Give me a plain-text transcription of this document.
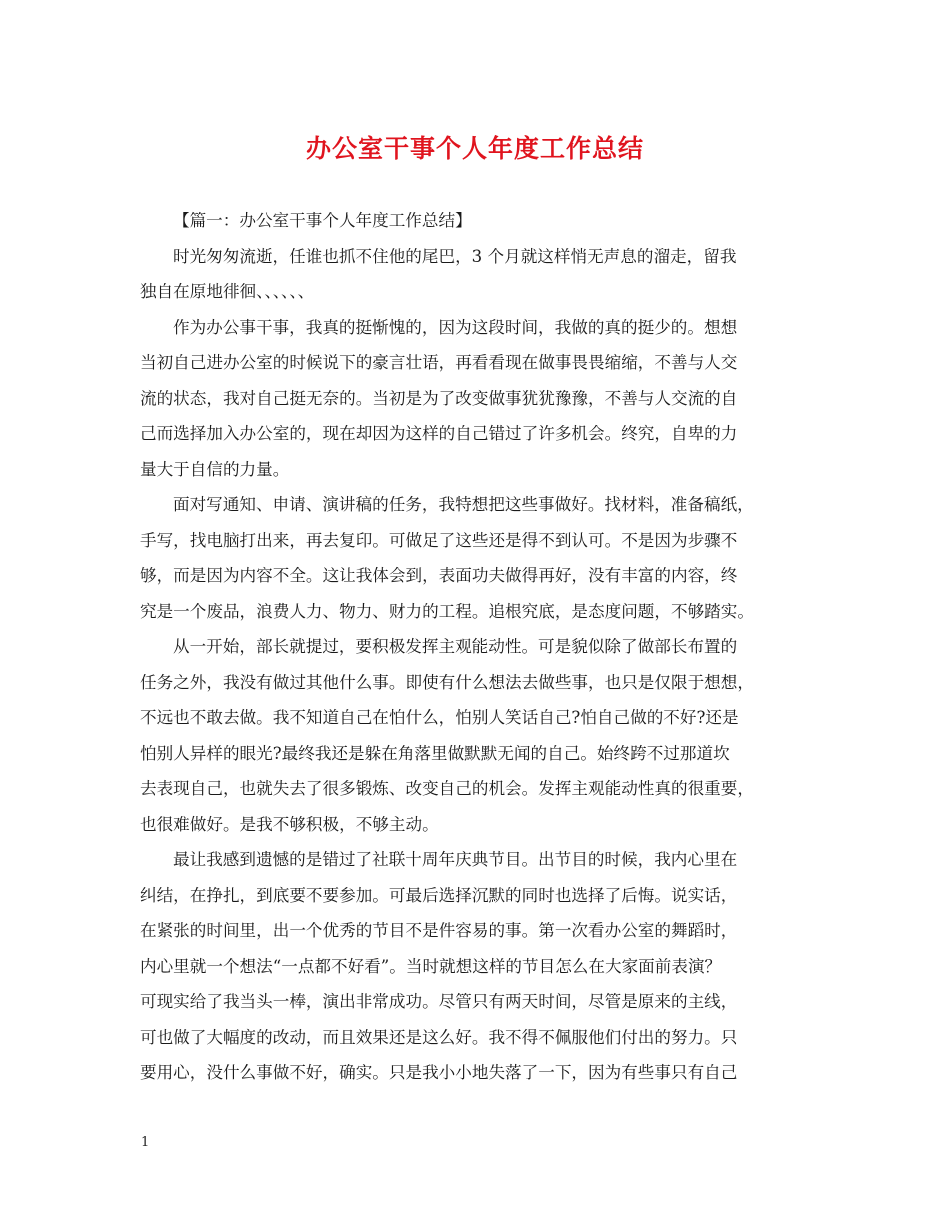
办公室干事个人年度工作总结
【篇一：办公室干事个人年度工作总结】
时光匆匆流逝，任谁也抓不住他的尾巴，3 个月就这样悄无声息的溜走，留我
独自在原地徘徊、、、、、、
作为办公事干事，我真的挺惭愧的，因为这段时间，我做的真的挺少的。想想
当初自己进办公室的时候说下的豪言壮语，再看看现在做事畏畏缩缩，不善与人交
流的状态，我对自己挺无奈的。当初是为了改变做事犹犹豫豫，不善与人交流的自
己而选择加入办公室的，现在却因为这样的自己错过了许多机会。终究，自卑的力
量大于自信的力量。
面对写通知、申请、演讲稿的任务，我特想把这些事做好。找材料，准备稿纸，
手写，找电脑打出来，再去复印。可做足了这些还是得不到认可。不是因为步骤不
够，而是因为内容不全。这让我体会到，表面功夫做得再好，没有丰富的内容，终
究是一个废品，浪费人力、物力、财力的工程。追根究底，是态度问题，不够踏实。
从一开始，部长就提过，要积极发挥主观能动性。可是貌似除了做部长布置的
任务之外，我没有做过其他什么事。即使有什么想法去做些事，也只是仅限于想想，
不远也不敢去做。我不知道自己在怕什么，怕别人笑话自己?怕自己做的不好?还是
怕别人异样的眼光?最终我还是躲在角落里做默默无闻的自己。始终跨不过那道坎
去表现自己，也就失去了很多锻炼、改变自己的机会。发挥主观能动性真的很重要，
也很难做好。是我不够积极，不够主动。
最让我感到遗憾的是错过了社联十周年庆典节目。出节目的时候，我内心里在
纠结，在挣扎，到底要不要参加。可最后选择沉默的同时也选择了后悔。说实话，
在紧张的时间里，出一个优秀的节目不是件容易的事。第一次看办公室的舞蹈时，
内心里就一个想法“一点都不好看”。当时就想这样的节目怎么在大家面前表演？
可现实给了我当头一棒，演出非常成功。尽管只有两天时间，尽管是原来的主线，
可也做了大幅度的改动，而且效果还是这么好。我不得不佩服他们付出的努力。只
要用心，没什么事做不好，确实。只是我小小地失落了一下，因为有些事只有自己
1
